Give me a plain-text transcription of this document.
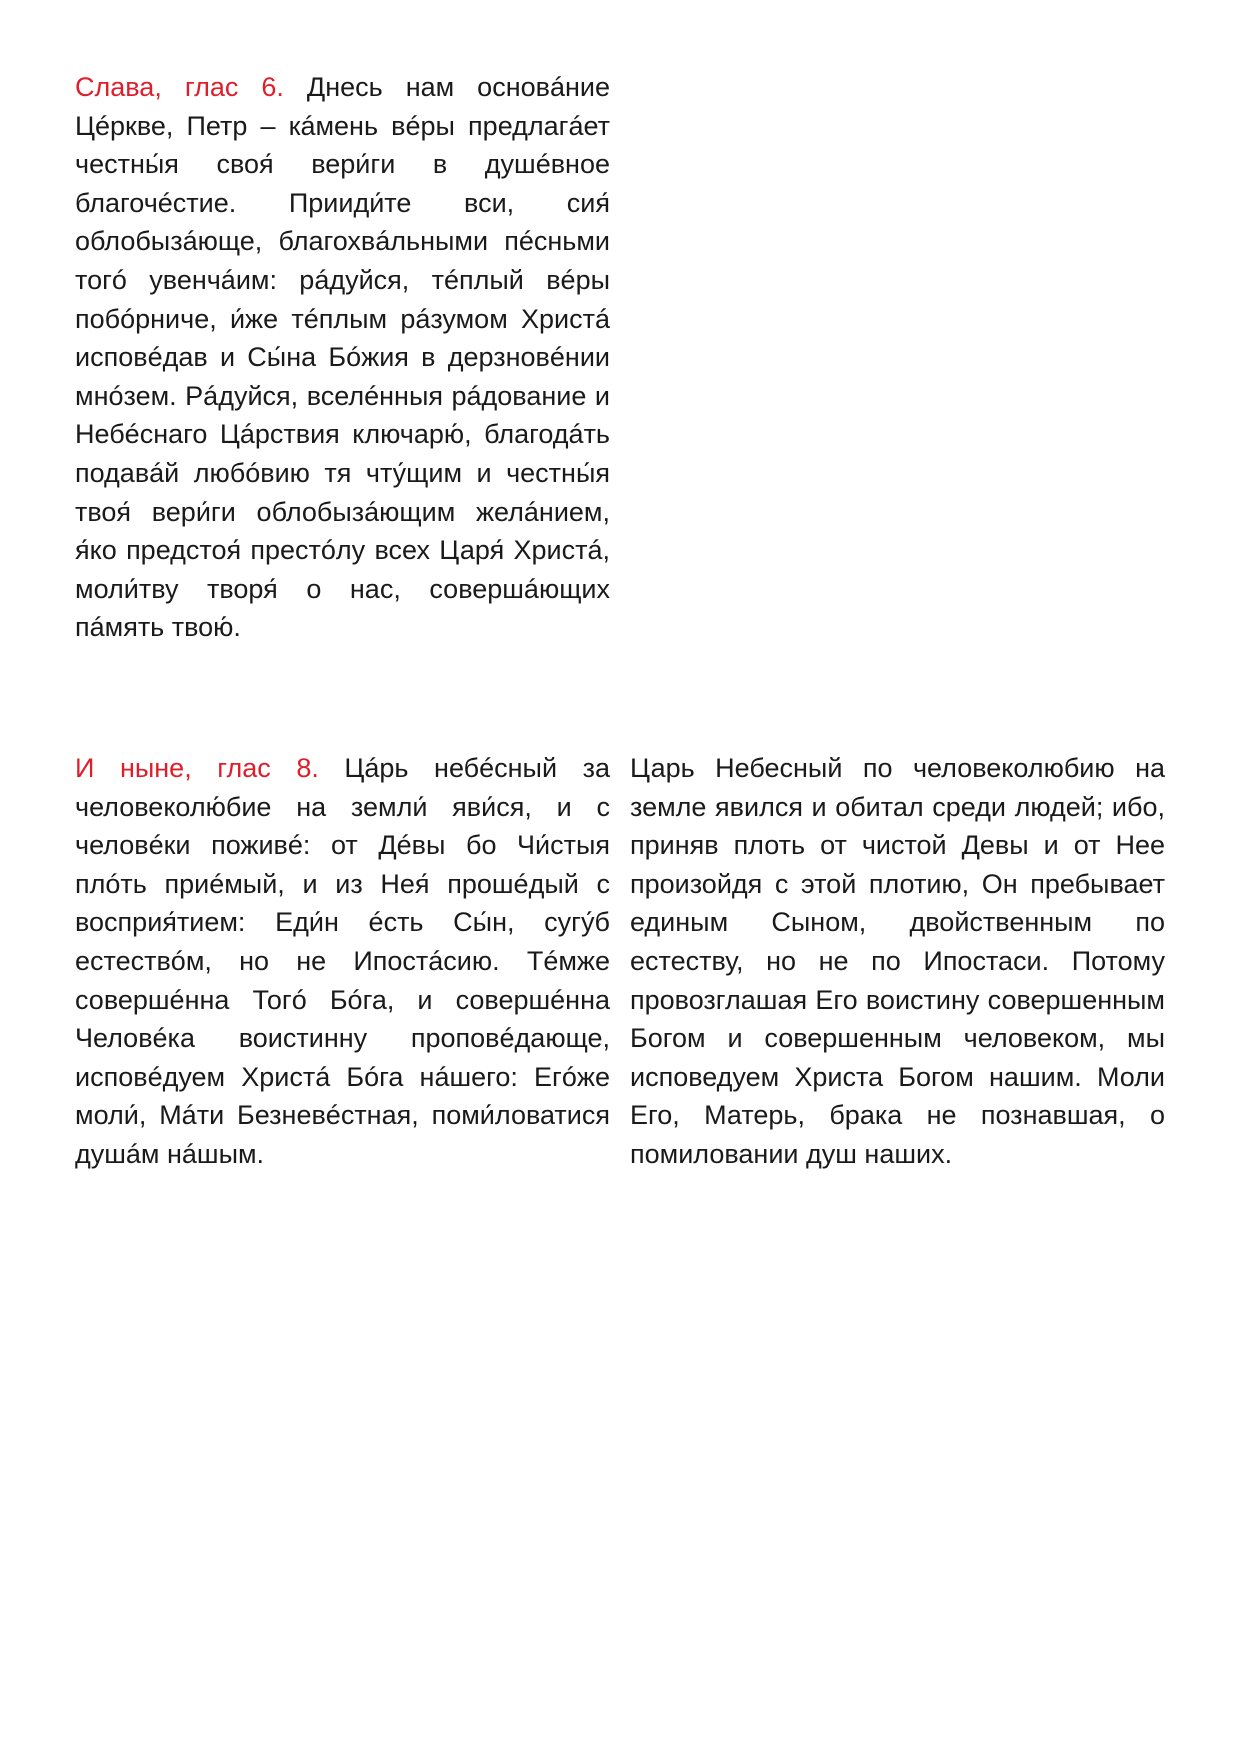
Слава, глас 6. Днесь нам основáние Цéркве, Петр – кáмень вéры предлагáет честны́я своя́ вери́ги в душéвное благочéстие. Прииди́те вси, сия́ облобызáюще, благохвáльными пéсньми тогó увенчáим: рáдуйся, тéплый вéры побóрниче, и́же тéплым рáзумом Христá исповéдав и Сы́на Бóжия в дерзновéнии мнóзем. Рáдуйся, вселéнныя рáдование и Небéснаго Цáрствия ключарю́, благодáть подавáй любóвию тя чту́щим и честны́я твоя́ вери́ги облобызáющим желáнием, я́ко предстоя́ престóлу всех Царя́ Христá, моли́тву творя́ о нас, совершáющих пáмять твою́.

И ныне, глас 8. Цáрь небéсный за человеколю́бие на земли́ яви́ся, и с человéки поживé: от Дéвы бо Чи́стыя плóть приéмый, и из Нея́ прошéдый с восприя́тием: Еди́н éсть Сы́н, сугу́б естествóм, но не Ипостáсию. Тéмже совершéнна Тогó Бóга, и совершéнна Человéка воистинну проповéдающе, исповéдуем Христá Бóга нáшего: Егóже моли́, Мáти Безневéстная, поми́ловатися душáм нáшым.

Царь Небесный по человеколюбию на земле явился и обитал среди людей; ибо, приняв плоть от чистой Девы и от Нее произойдя с этой плотию, Он пребывает единым Сыном, двойственным по естеству, но не по Ипостаси. Потому провозглашая Его воистину совершенным Богом и совершенным человеком, мы исповедуем Христа Богом нашим. Моли Его, Матерь, брака не познавшая, о помиловании душ наших.
